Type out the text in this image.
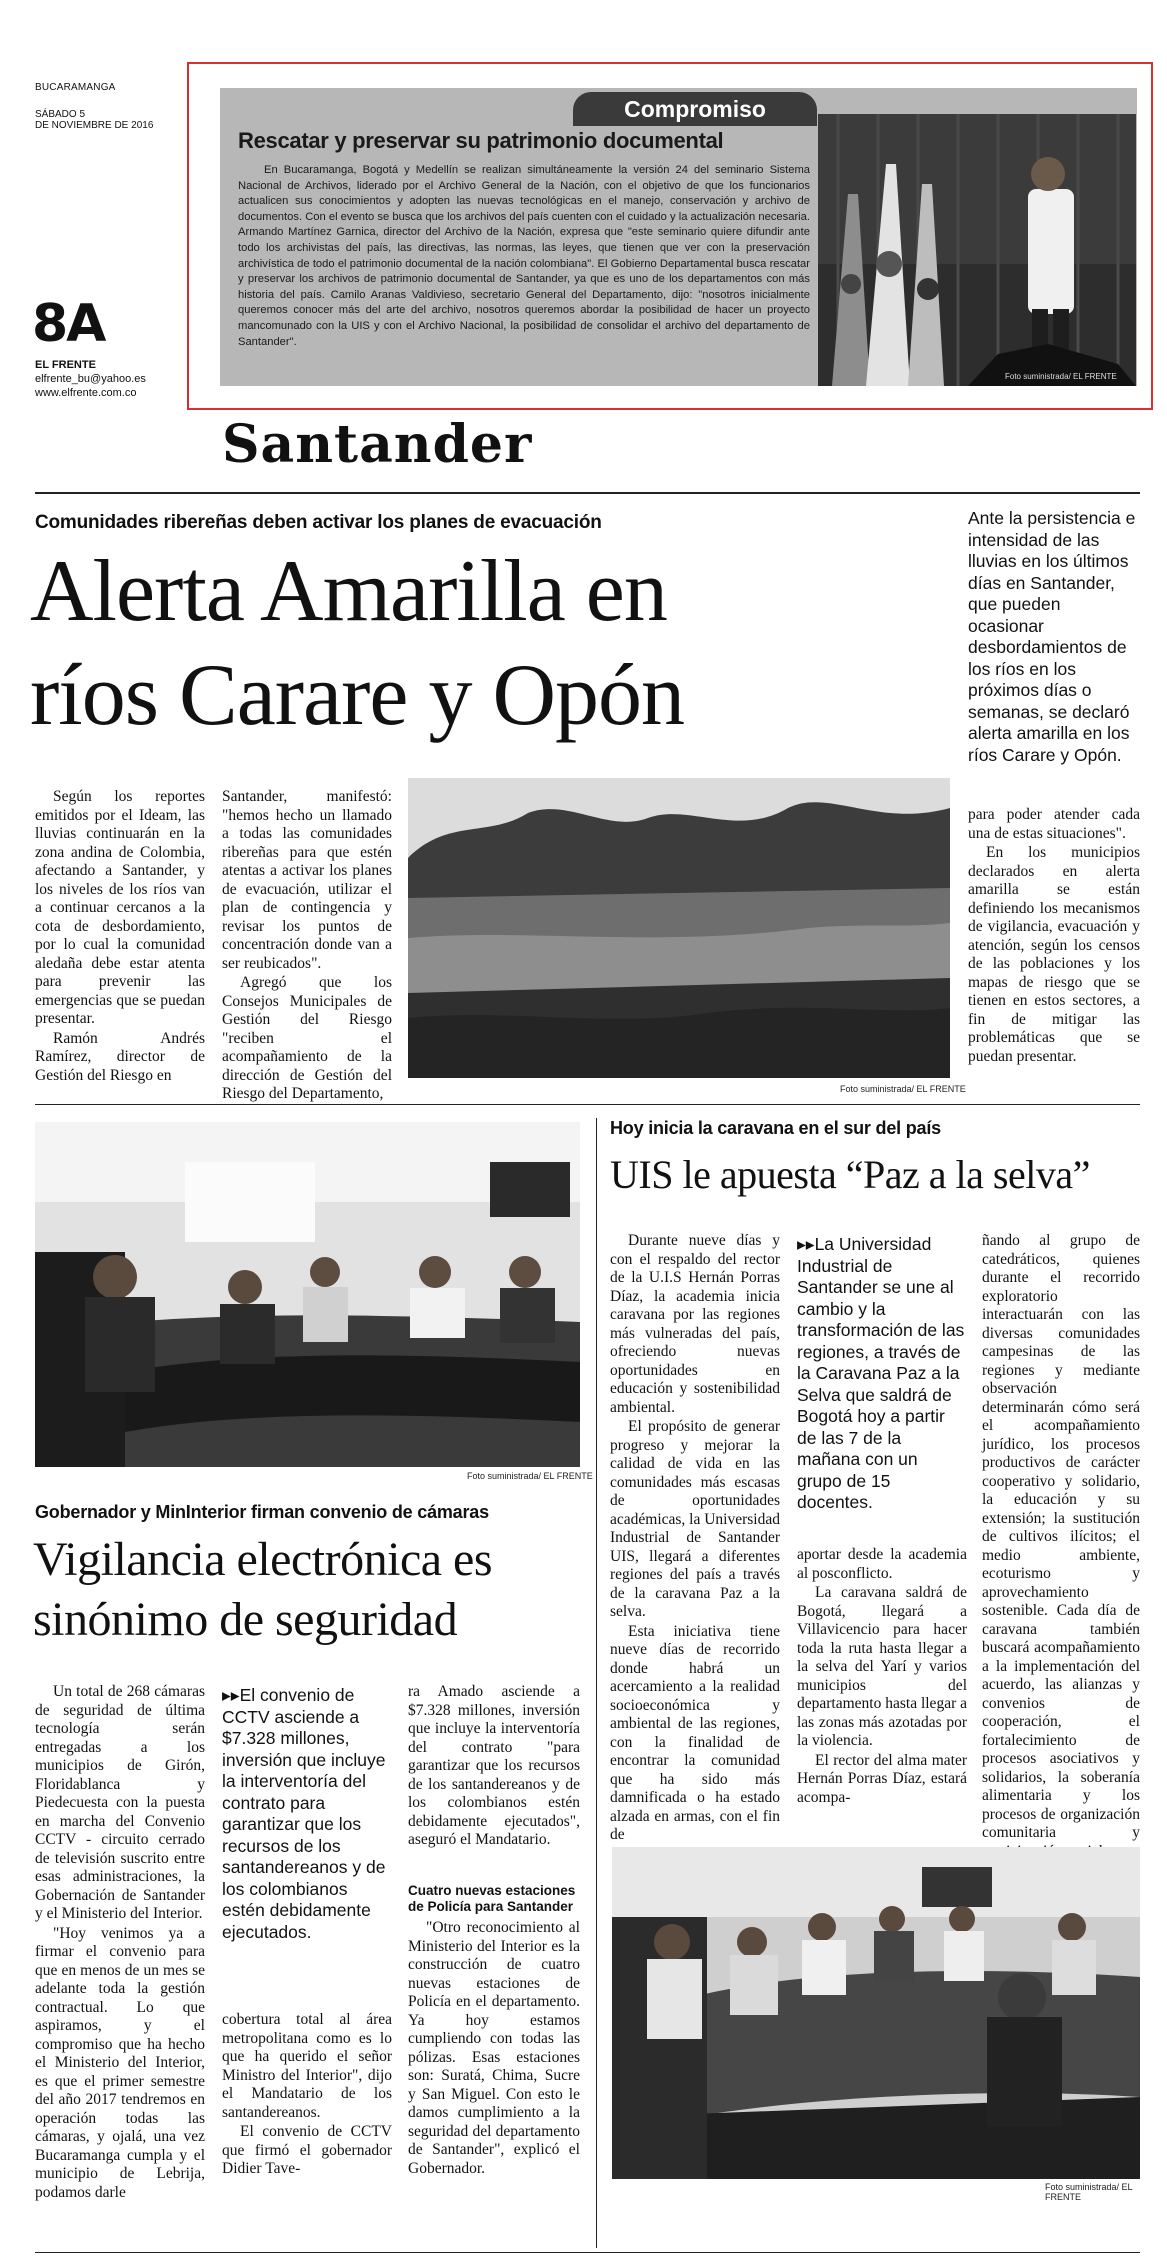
BUCARAMANGA
SÁBADO 5
DE NOVIEMBRE DE 2016
8A
EL FRENTE
elfrente_bu@yahoo.es
www.elfrente.com.co
Compromiso
Rescatar y preservar su patrimonio documental
En Bucaramanga, Bogotá y Medellín se realizan simultáneamente la versión 24 del seminario Sistema Nacional de Archivos, liderado por el Archivo General de la Nación, con el objetivo de que los funcionarios actualicen sus conocimientos y adopten las nuevas tecnológicas en el manejo, conservación y archivo de documentos. Con el evento se busca que los archivos del país cuenten con el cuidado y la actualización necesaria. Armando Martínez Garnica, director del Archivo de la Nación, expresa que "este seminario quiere difundir ante todo los archivistas del país, las directivas, las normas, las leyes, que tienen que ver con la preservación archivística de todo el patrimonio documental de la nación colombiana". El Gobierno Departamental busca rescatar y preservar los archivos de patrimonio documental de Santander, ya que es uno de los departamentos con más historia del país. Camilo Aranas Valdivieso, secretario General del Departamento, dijo: "nosotros inicialmente queremos conocer más del arte del archivo, nosotros queremos abordar la posibilidad de hacer un proyecto mancomunado con la UIS y con el Archivo Nacional, la posibilidad de consolidar el archivo del departamento de Santander".
Foto suministrada/ EL FRENTE
Santander
Comunidades ribereñas deben activar los planes de evacuación
Alerta Amarilla en
ríos Carare y Opón
Ante la persistencia e intensidad de las lluvias en los últimos días en Santander, que pueden ocasionar desbordamientos de los ríos en los próximos días o semanas, se declaró alerta amarilla en los ríos Carare y Opón.

Según los reportes emitidos por el Ideam, las lluvias continuarán en la zona andina de Colombia, afectando a Santander, y los niveles de los ríos van a continuar cercanos a la cota de desbordamiento, por lo cual la comunidad aledaña debe estar atenta para prevenir las emergencias que se puedan presentar.

Ramón Andrés Ramírez, director de Gestión del Riesgo en

Santander, manifestó: "hemos hecho un llamado a todas las comunidades ribereñas para que estén atentas a activar los planes de evacuación, utilizar el plan de contingencia y revisar los puntos de concentración donde van a ser reubicados".

Agregó que los Consejos Municipales de Gestión del Riesgo "reciben el acompañamiento de la dirección de Gestión del Riesgo del Departamento,	Foto suministrada/ EL FRENTE

para poder atender cada una de estas situaciones".

En los municipios declarados en alerta amarilla se están definiendo los mecanismos de vigilancia, evacuación y atención, según los censos de las poblaciones y los mapas de riesgo que se tienen en estos sectores, a fin de mitigar las problemáticas que se puedan presentar.

Foto suministrada/ EL FRENTE
Gobernador y MinInterior firman convenio de cámaras
Vigilancia electrónica es
sinónimo de seguridad

Un total de 268 cámaras de seguridad de última tecnología serán entregadas a los municipios de Girón, Floridablanca y Piedecuesta con la puesta en marcha del Convenio CCTV - circuito cerrado de televisión suscrito entre esas administraciones, la Gobernación de Santander y el Ministerio del Interior.

"Hoy venimos ya a firmar el convenio para que en menos de un mes se adelante toda la gestión contractual. Lo que aspiramos, y el compromiso que ha hecho el Ministerio del Interior, es que el primer semestre del año 2017 tendremos en operación todas las cámaras, y ojalá, una vez Bucaramanga cumpla y el municipio de Lebrija, podamos darle

▸▸El convenio de CCTV asciende a $7.328 millones, inversión que incluye la interventoría del contrato para garantizar que los recursos de los santandereanos y de los colombianos estén debidamente ejecutados.

cobertura total al área metropolitana como es lo que ha querido el señor Ministro del Interior", dijo el Mandatario de los santandereanos.

El convenio de CCTV que firmó el gobernador Didier Tave-

ra Amado asciende a $7.328 millones, inversión que incluye la interventoría del contrato "para garantizar que los recursos de los santandereanos y de los colombianos estén debidamente ejecutados", aseguró el Mandatario.

Cuatro nuevas estaciones de Policía para Santander

"Otro reconocimiento al Ministerio del Interior es la construcción de cuatro nuevas estaciones de Policía en el departamento. Ya hoy estamos cumpliendo con todas las pólizas. Esas estaciones son: Suratá, Chima, Sucre y San Miguel. Con esto le damos cumplimiento a la seguridad del departamento de Santander", explicó el Gobernador.

Hoy inicia la caravana en el sur del país
UIS le apuesta “Paz a la selva”

Durante nueve días y con el respaldo del rector de la U.I.S Hernán Porras Díaz, la academia inicia caravana por las regiones más vulneradas del país, ofreciendo nuevas oportunidades en educación y sostenibilidad ambiental.

El propósito de generar progreso y mejorar la calidad de vida en las comunidades más escasas de oportunidades académicas, la Universidad Industrial de Santander UIS, llegará a diferentes regiones del país a través de la caravana Paz a la selva.

Esta iniciativa tiene nueve días de recorrido donde habrá un acercamiento a la realidad socioeconómica y ambiental de las regiones, con la finalidad de encontrar la comunidad que ha sido más damnificada o ha estado alzada en armas, con el fin de

▸▸La Universidad Industrial de Santander se une al cambio y la transformación de las regiones, a través de la Caravana Paz a la Selva que saldrá de Bogotá hoy a partir de las 7 de la mañana con un grupo de 15 docentes.

aportar desde la academia al posconflicto.

La caravana saldrá de Bogotá, llegará a Villavicencio para hacer toda la ruta hasta llegar a la selva del Yarí y varios municipios del departamento hasta llegar a las zonas más azotadas por la violencia.

El rector del alma mater Hernán Porras Díaz, estará acompa-

ñando al grupo de catedráticos, quienes durante el recorrido exploratorio interactuarán con las diversas comunidades campesinas de las regiones y mediante observación determinarán cómo será el acompañamiento jurídico, los procesos productivos de carácter cooperativo y solidario, la educación y su extensión; la sustitución de cultivos ilícitos; el medio ambiente, ecoturismo y aprovechamiento sostenible. Cada día de caravana también buscará acompañamiento a la implementación del acuerdo, las alianzas y convenios de cooperación, el fortalecimiento de procesos asociativos y solidarios, la soberanía alimentaria y los procesos de organización comunitaria y

Foto suministrada/ EL FRENTE
